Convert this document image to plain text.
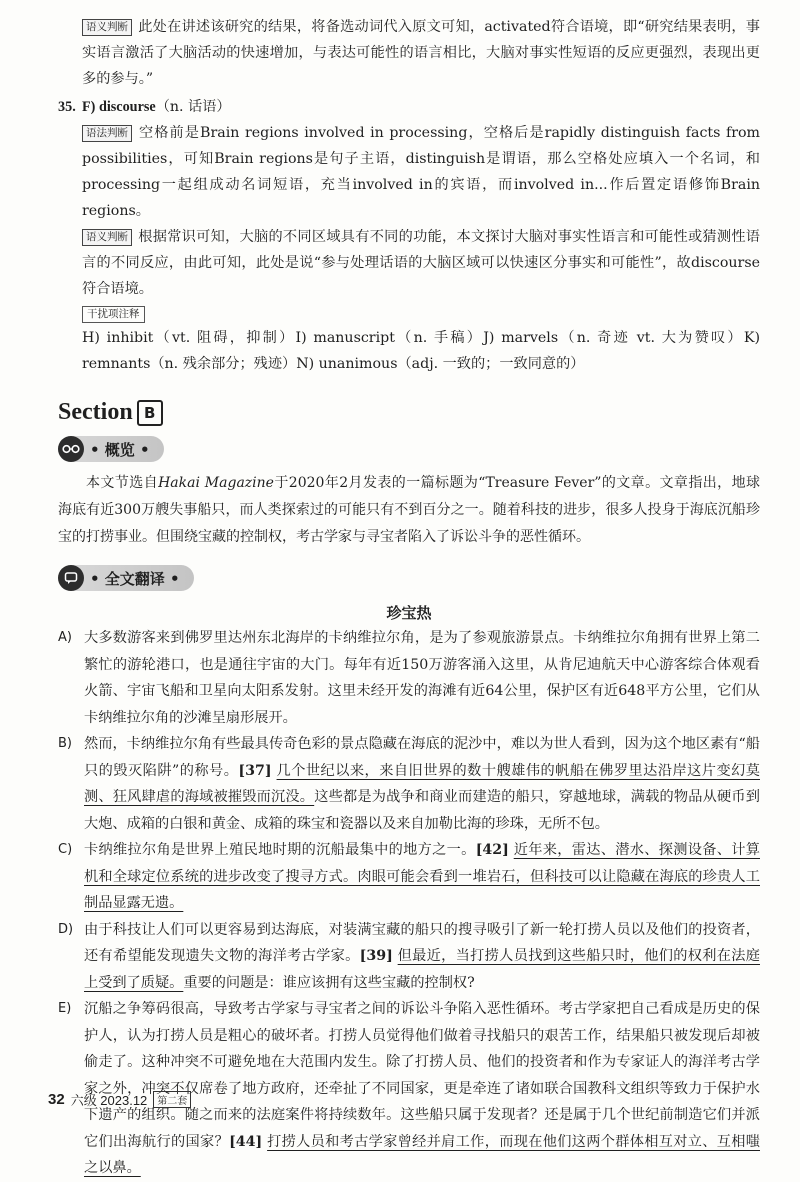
语义判断 此处在讲述该研究的结果，将备选动词代入原文可知，activated符合语境，即“研究结果表明，事实语言激活了大脑活动的快速增加，与表达可能性的语言相比，大脑对事实性短语的反应更强烈，表现出更多的参与。”

35. F) discourse（n. 话语）

语法判断 空格前是Brain regions involved in processing，空格后是rapidly distinguish facts from possibilities，可知Brain regions是句子主语，distinguish是谓语，那么空格处应填入一个名词，和processing一起组成动名词短语，充当involved in的宾语，而involved in...作后置定语修饰Brain regions。

语义判断 根据常识可知，大脑的不同区域具有不同的功能，本文探讨大脑对事实性语言和可能性或猜测性语言的不同反应，由此可知，此处是说“参与处理话语的大脑区域可以快速区分事实和可能性”，故discourse符合语境。

干扰项注释

H) inhibit（vt. 阻碍，抑制）I) manuscript（n. 手稿）J) marvels（n. 奇迹 vt. 大为赞叹）K) remnants（n. 残余部分；残迹）N) unanimous（adj. 一致的；一致同意的）

Section B
• 概览 •

本文节选自Hakai Magazine于2020年2月发表的一篇标题为“Treasure Fever”的文章。文章指出，地球海底有近300万艘失事船只，而人类探索过的可能只有不到百分之一。随着科技的进步，很多人投身于海底沉船珍宝的打捞事业。但围绕宝藏的控制权，考古学家与寻宝者陷入了诉讼斗争的恶性循环。

• 全文翻译 •
珍宝热
A) 大多数游客来到佛罗里达州东北海岸的卡纳维拉尔角，是为了参观旅游景点。卡纳维拉尔角拥有世界上第二繁忙的游轮港口，也是通往宇宙的大门。每年有近150万游客涌入这里，从肯尼迪航天中心游客综合体观看火箭、宇宙飞船和卫星向太阳系发射。这里未经开发的海滩有近64公里，保护区有近648平方公里，它们从卡纳维拉尔角的沙滩呈扇形展开。
B) 然而，卡纳维拉尔角有些最具传奇色彩的景点隐藏在海底的泥沙中，难以为世人看到，因为这个地区素有“船只的毁灭陷阱”的称号。[37] 几个世纪以来，来自旧世界的数十艘雄伟的帆船在佛罗里达沿岸这片变幻莫测、狂风肆虐的海域被摧毁而沉没。这些都是为战争和商业而建造的船只，穿越地球，满载的物品从硬币到大炮、成箱的白银和黄金、成箱的珠宝和瓷器以及来自加勒比海的珍珠，无所不包。
C) 卡纳维拉尔角是世界上殖民地时期的沉船最集中的地方之一。[42] 近年来，雷达、潜水、探测设备、计算机和全球定位系统的进步改变了搜寻方式。肉眼可能会看到一堆岩石，但科技可以让隐藏在海底的珍贵人工制品显露无遗。
D) 由于科技让人们可以更容易到达海底，对装满宝藏的船只的搜寻吸引了新一轮打捞人员以及他们的投资者，还有希望能发现遗失文物的海洋考古学家。[39] 但最近，当打捞人员找到这些船只时，他们的权利在法庭上受到了质疑。重要的问题是：谁应该拥有这些宝藏的控制权?
E) 沉船之争筹码很高，导致考古学家与寻宝者之间的诉讼斗争陷入恶性循环。考古学家把自己看成是历史的保护人，认为打捞人员是粗心的破坏者。打捞人员觉得他们做着寻找船只的艰苦工作，结果船只被发现后却被偷走了。这种冲突不可避免地在大范围内发生。除了打捞人员、他们的投资者和作为专家证人的海洋考古学家之外，冲突不仅席卷了地方政府，还牵扯了不同国家，更是牵连了诸如联合国教科文组织等致力于保护水下遗产的组织。随之而来的法庭案件将持续数年。这些船只属于发现者？还是属于几个世纪前制造它们并派它们出海航行的国家？[44] 打捞人员和考古学家曾经并肩工作，而现在他们这两个群体相互对立、互相嗤之以鼻。
32 六级 2023.12	第二套
